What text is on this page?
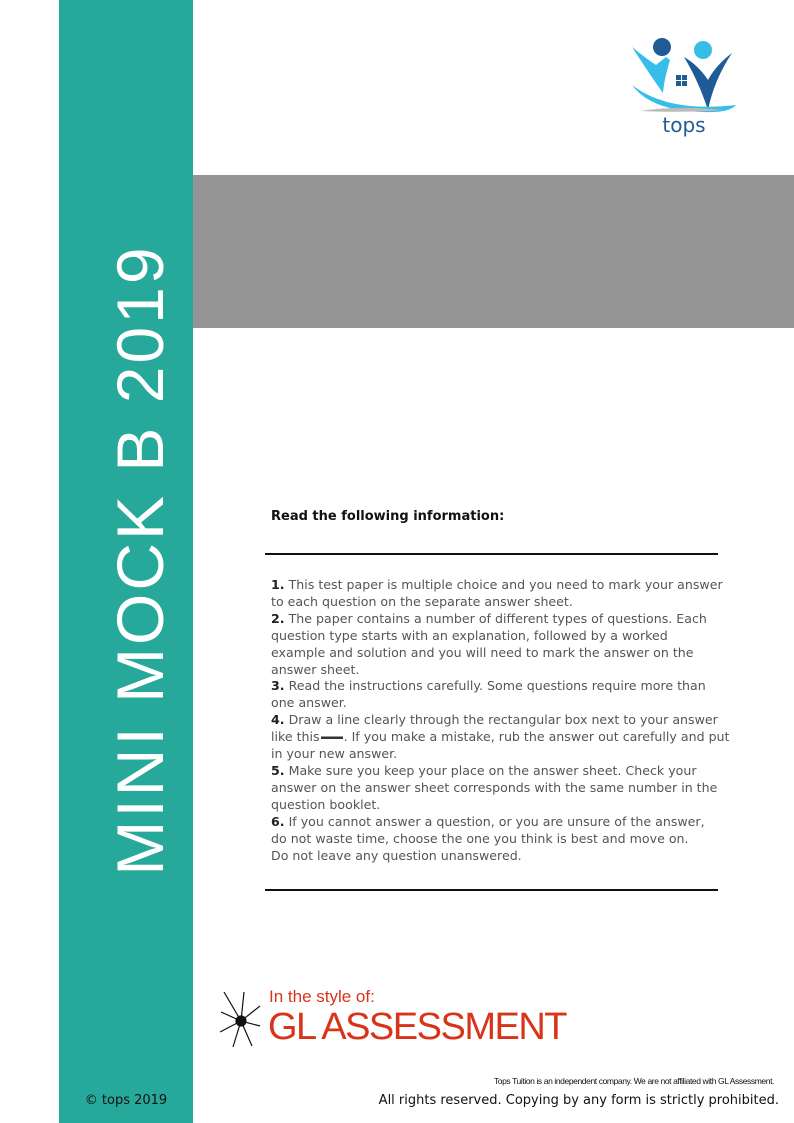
MINI MOCK B 2019
© tops 2019
tops
Read the following information:
1. This test paper is multiple choice and you need to mark your answer
to each question on the separate answer sheet.
2. The paper contains a number of different types of questions. Each
question type starts with an explanation, followed by a worked
example and solution and you will need to mark the answer on the
answer sheet.
3. Read the instructions carefully. Some questions require more than
one answer.
4. Draw a line clearly through the rectangular box next to your answer
like this . If you make a mistake, rub the answer out carefully and put
in your new answer.
5. Make sure you keep your place on the answer sheet. Check your
answer on the answer sheet corresponds with the same number in the
question booklet.
6. If you cannot answer a question, or you are unsure of the answer,
do not waste time, choose the one you think is best and move on.
Do not leave any question unanswered.
In the style of:
GL ASSESSMENT
Tops Tuition is an independent company. We are not affiliated with GL Assessment.
All rights reserved. Copying by any form is strictly prohibited.
